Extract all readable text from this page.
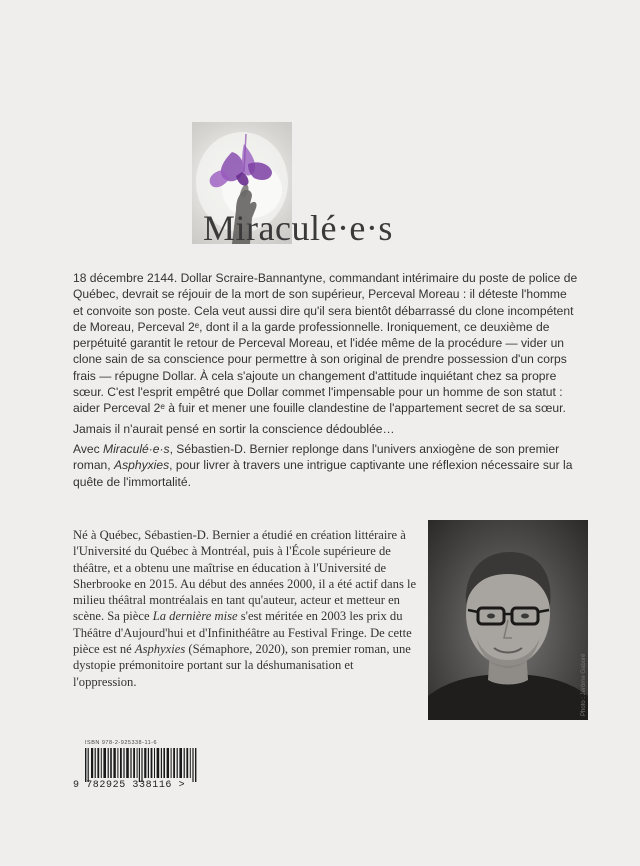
Miraculé·e·s

18 décembre 2144. Dollar Scraire-Bannantyne, commandant intérimaire du poste de police de Québec, devrait se réjouir de la mort de son supérieur, Perceval Moreau : il déteste l'homme et convoite son poste. Cela veut aussi dire qu'il sera bientôt débarrassé du clone incompétent de Moreau, Perceval 2ᵉ, dont il a la garde professionnelle. Ironiquement, ce deuxième de perpétuité garantit le retour de Perceval Moreau, et l'idée même de la procédure — vider un clone sain de sa conscience pour permettre à son original de prendre possession d'un corps frais — répugne Dollar. À cela s'ajoute un changement d'attitude inquiétant chez sa propre sœur. C'est l'esprit empêtré que Dollar commet l'impensable pour un homme de son statut : aider Perceval 2ᵉ à fuir et mener une fouille clandestine de l'appartement secret de sa sœur.

Jamais il n'aurait pensé en sortir la conscience dédoublée…

Avec Miraculé·e·s, Sébastien-D. Bernier replonge dans l'univers anxiogène de son premier roman, Asphyxies, pour livrer à travers une intrigue captivante une réflexion nécessaire sur la quête de l'immortalité.

Né à Québec, Sébastien-D. Bernier a étudié en création littéraire à l'Université du Québec à Montréal, puis à l'École supérieure de théâtre, et a obtenu une maîtrise en éducation à l'Université de Sherbrooke en 2015. Au début des années 2000, il a été actif dans le milieu théâtral montréalais en tant qu'auteur, acteur et metteur en scène. Sa pièce La dernière mise s'est méritée en 2003 les prix du Théâtre d'Aujourd'hui et d'Infinithéâtre au Festival Fringe. De cette pièce est né Asphyxies (Sémaphore, 2020), son premier roman, une dystopie prémonitoire portant sur la déshumanisation et l'oppression.	Photo : Jérôme Gaboré
ISBN 978-2-925338-11-6
9 782925 338116 >
